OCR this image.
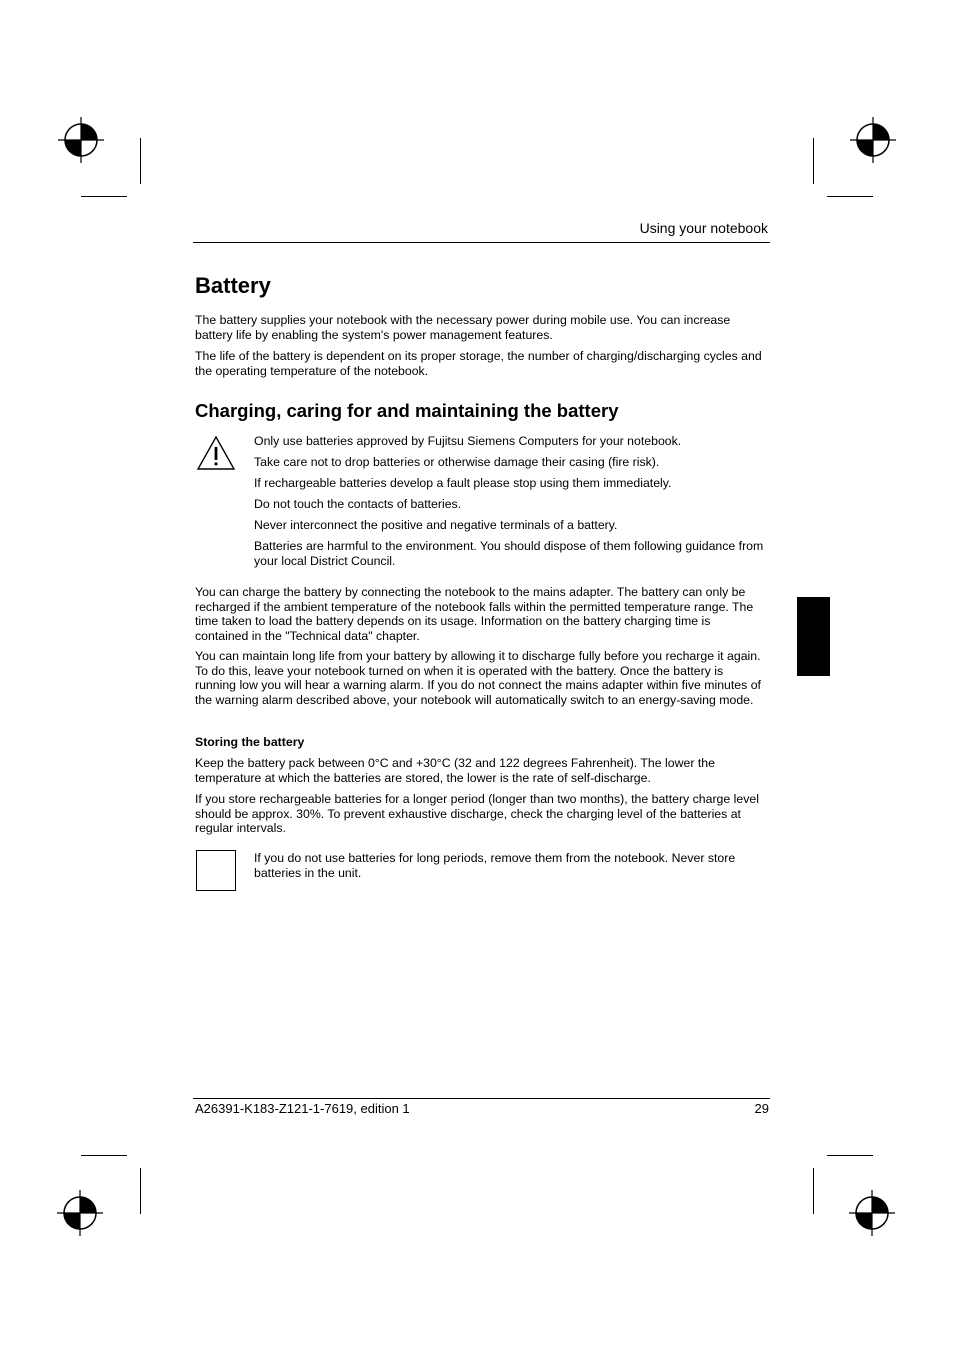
Using your notebook
Battery

The battery supplies your notebook with the necessary power during mobile use. You can increase battery life by enabling the system's power management features.

The life of the battery is dependent on its proper storage, the number of charging/discharging cycles and the operating temperature of the notebook.

Charging, caring for and maintaining the battery
Only use batteries approved by Fujitsu Siemens Computers for your notebook.
Take care not to drop batteries or otherwise damage their casing (fire risk).
If rechargeable batteries develop a fault please stop using them immediately.
Do not touch the contacts of batteries.
Never interconnect the positive and negative terminals of a battery.
Batteries are harmful to the environment. You should dispose of them following guidance from your local District Council.

You can charge the battery by connecting the notebook to the mains adapter. The battery can only be recharged if the ambient temperature of the notebook falls within the permitted temperature range. The time taken to load the battery depends on its usage. Information on the battery charging time is contained in the "Technical data" chapter.

You can maintain long life from your battery by allowing it to discharge fully before you recharge it again. To do this, leave your notebook turned on when it is operated with the battery. Once the battery is running low you will hear a warning alarm. If you do not connect the mains adapter within five minutes of the warning alarm described above, your notebook will automatically switch to an energy-saving mode.

Storing the battery

Keep the battery pack between 0°C and +30°C (32 and 122 degrees Fahrenheit). The lower the temperature at which the batteries are stored, the lower is the rate of self-discharge.

If you store rechargeable batteries for a longer period (longer than two months), the battery charge level should be approx. 30%. To prevent exhaustive discharge, check the charging level of the batteries at regular intervals.

If you do not use batteries for long periods, remove them from the notebook. Never store batteries in the unit.

A26391-K183-Z121-1-7619, edition 1	29
